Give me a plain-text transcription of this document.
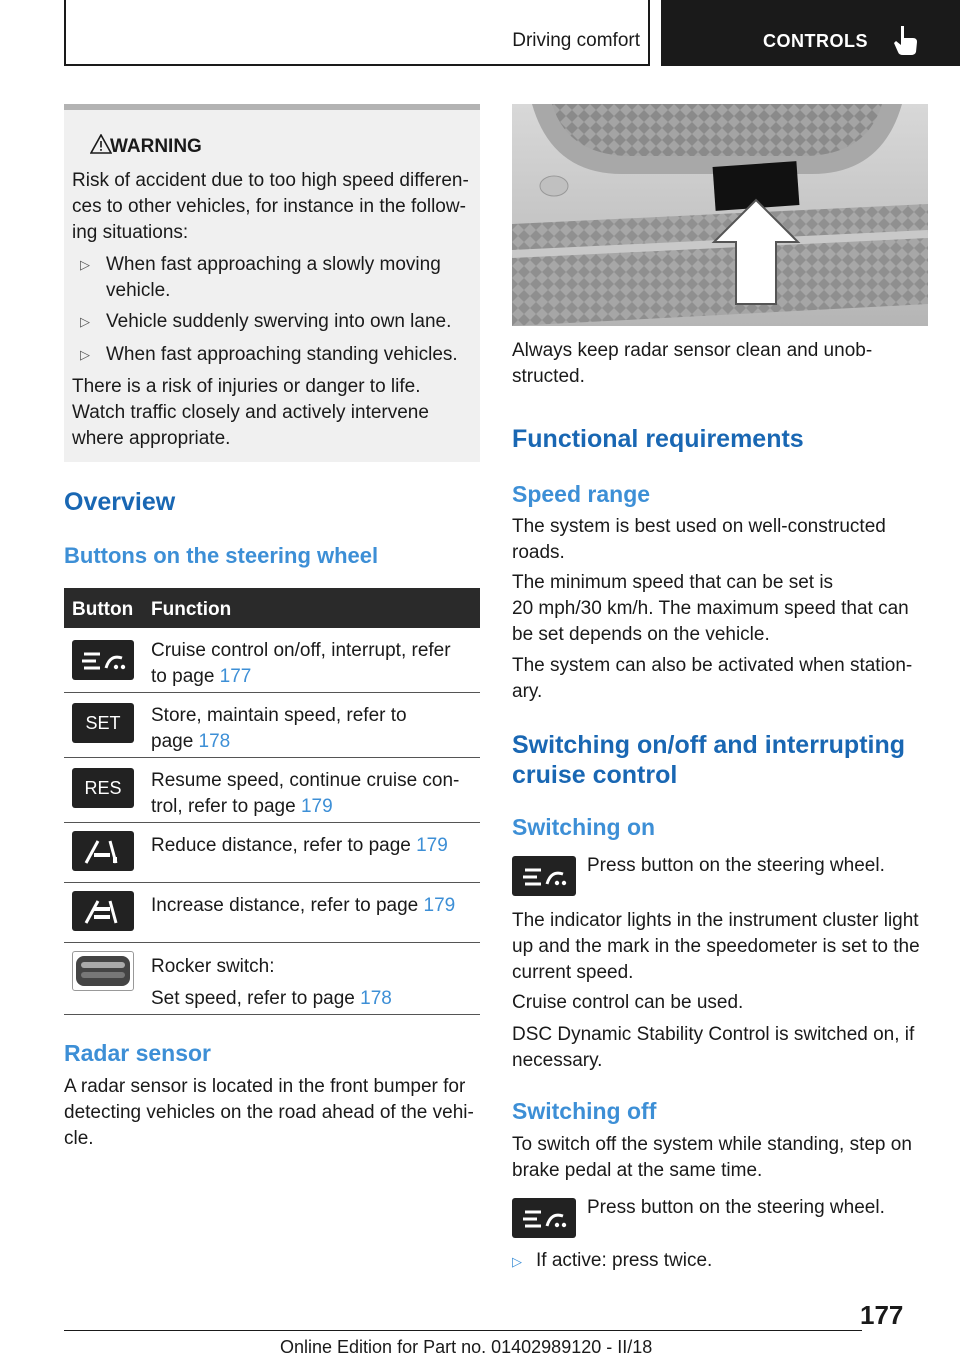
Driving comfort	CONTROLS
WARNING
Risk of accident due to too high speed differen-
ces to other vehicles, for instance in the follow-
ing situations:
▷ When fast approaching a slowly moving
vehicle.
▷ Vehicle suddenly swerving into own lane.
▷ When fast approaching standing vehicles.
There is a risk of injuries or danger to life.
Watch traffic closely and actively intervene
where appropriate.
Overview
Buttons on the steering wheel
Button Function
Cruise control on/off, interrupt, refer
to page 177
SET	Store, maintain speed, refer to
page 178
RES	Resume speed, continue cruise con-
trol, refer to page 179
Reduce distance, refer to page 179
Increase distance, refer to page 179
Rocker switch:
Set speed, refer to page 178
Radar sensor
A radar sensor is located in the front bumper for
detecting vehicles on the road ahead of the vehi-
cle.
Always keep radar sensor clean and unob-
structed.
Functional requirements
Speed range
The system is best used on well-constructed
roads.
The minimum speed that can be set is
20 mph/30 km/h. The maximum speed that can
be set depends on the vehicle.
The system can also be activated when station-
ary.
Switching on/off and interrupting
cruise control
Switching on
Press button on the steering wheel.
The indicator lights in the instrument cluster light
up and the mark in the speedometer is set to the
current speed.
Cruise control can be used.
DSC Dynamic Stability Control is switched on, if
necessary.
Switching off
To switch off the system while standing, step on
brake pedal at the same time.
Press button on the steering wheel.
▷ If active: press twice.
177
Online Edition for Part no. 01402989120 - II/18
